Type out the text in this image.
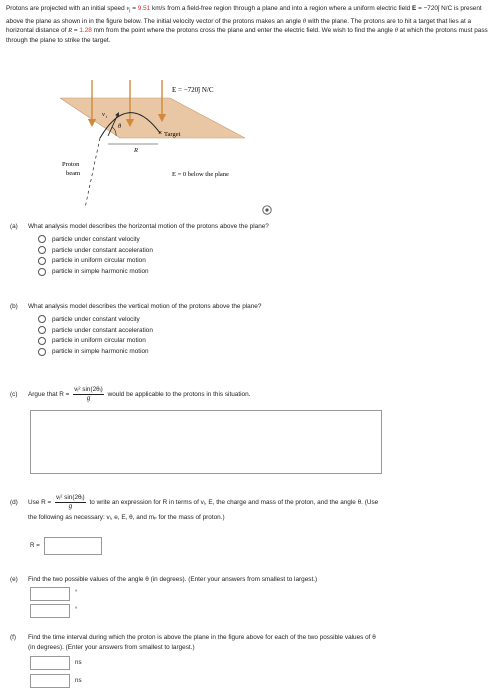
Protons are projected with an initial speed $v_i = 9.51$ km/s from a field-free region through a plane and into a region where a uniform electric field E = −720ĵ N/C is present above the plane as shown in in the figure below. The initial velocity vector of the protons makes an angle θ with the plane. The protons are to hit a target that lies at a horizontal distance of R = 1.28 mm from the point where the protons cross the plane and enter the electric field. We wish to find the angle θ at which the protons must pass through the plane to strike the target.
×
E = −720ĵ N/C
Target
Proton
beam	E = 0 below the plane
v i
θ
R
(a) What analysis model describes the horizontal motion of the protons above the plane?
particle under constant velocity
particle under constant acceleration
particle in uniform circular motion
particle in simple harmonic motion
(b) What analysis model describes the vertical motion of the protons above the plane?
particle under constant velocity
particle under constant acceleration
particle in uniform circular motion
particle in simple harmonic motion
(c) Argue that $R = \frac{\text{vᵢ² sin(2θᵢ)}}{g}$ would be applicable to the protons in this situation.
(d) Use $R = \frac{\text{vᵢ² sin(2θᵢ)}}{g}$ to write an expression for R in terms of vᵢ, E, the charge and mass of the proton, and the angle θ. (Use
the following as necessary: vᵢ, e, E, θ, and mₚ for the mass of proton.)
R =
(e) Find the two possible values of the angle θ (in degrees). (Enter your answers from smallest to largest.)
°
°
(f) Find the time interval during which the proton is above the plane in the figure above for each of the two possible values of θ
(in degrees). (Enter your answers from smallest to largest.)
ns
ns
